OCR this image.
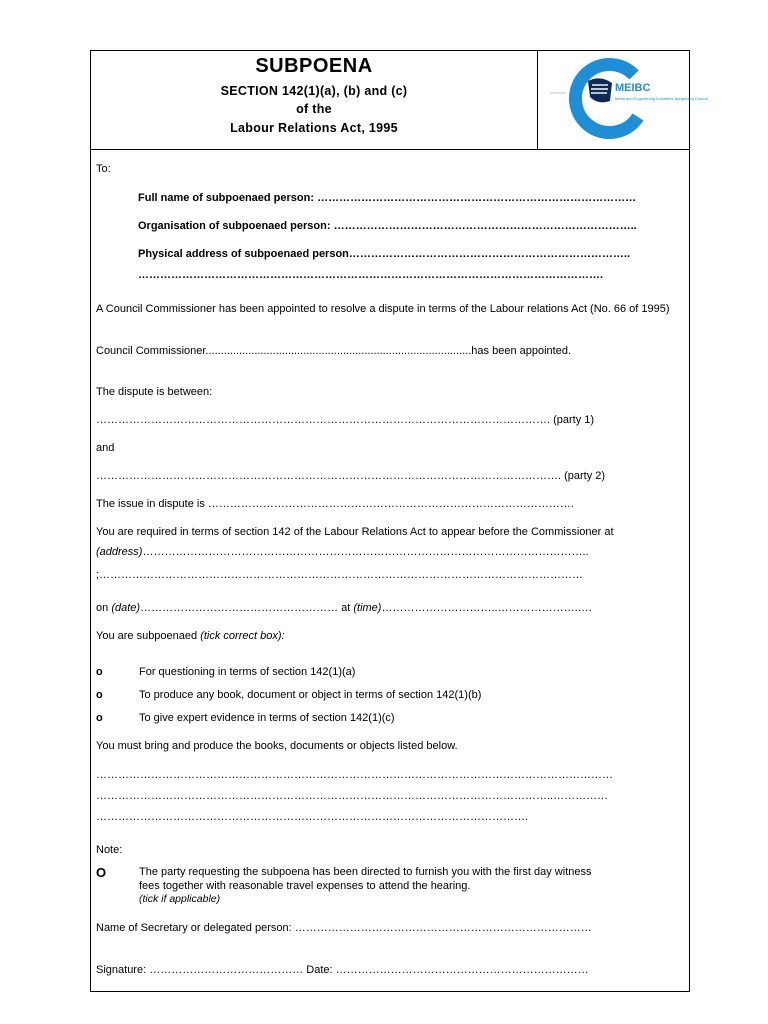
SUBPOENA
SECTION 142(1)(a), (b) and (c)
of the
Labour Relations Act, 1995
MEIBC
Metal and Engineering Industries Bargaining Council
To:
Full name of subpoenaed person: ……………………………………………………………………………
Organisation of subpoenaed person: ………………………………………………………………………..
Physical address of subpoenaed person…………………………………………………………………..
……………………………………………………………………………………………………………….
A Council Commissioner has been appointed to resolve a dispute in terms of the Labour relations Act (No. 66 of 1995)
Council Commissioner.......................................................................................has been appointed.
The dispute is between:
……………………………………………………………………………………………………………. (party 1)
and
………………………………………………………………………………………………………………. (party 2)
The issue in dispute is ……………………………………………………………………………………….
You are required in terms of section 142 of the Labour Relations Act to appear before the Commissioner at
(address)…………………………………………………………………………………………………………..
;……………………………………………………………………………………………………………………
on (date)……………………………………………… at (time)…………………………..………………….….
You are subpoenaed (tick correct box):
o	For questioning in terms of section 142(1)(a)
o	To produce any book, document or object in terms of section 142(1)(b)
o	To give expert evidence in terms of section 142(1)(c)
You must bring and produce the books, documents or objects listed below.
……………………………………………………………………………………………………………………………
……………………………………………………………………………………………………………..……………
……………………………………………………………………………………………………….
Note:
O	The party requesting the subpoena has been directed to furnish you with the first day witness
fees together with reasonable travel expenses to attend the hearing.
(tick if applicable)
Name of Secretary or delegated person: ………………………………………………………………………
Signature: …………………………………… Date: ……………………………………………………………
